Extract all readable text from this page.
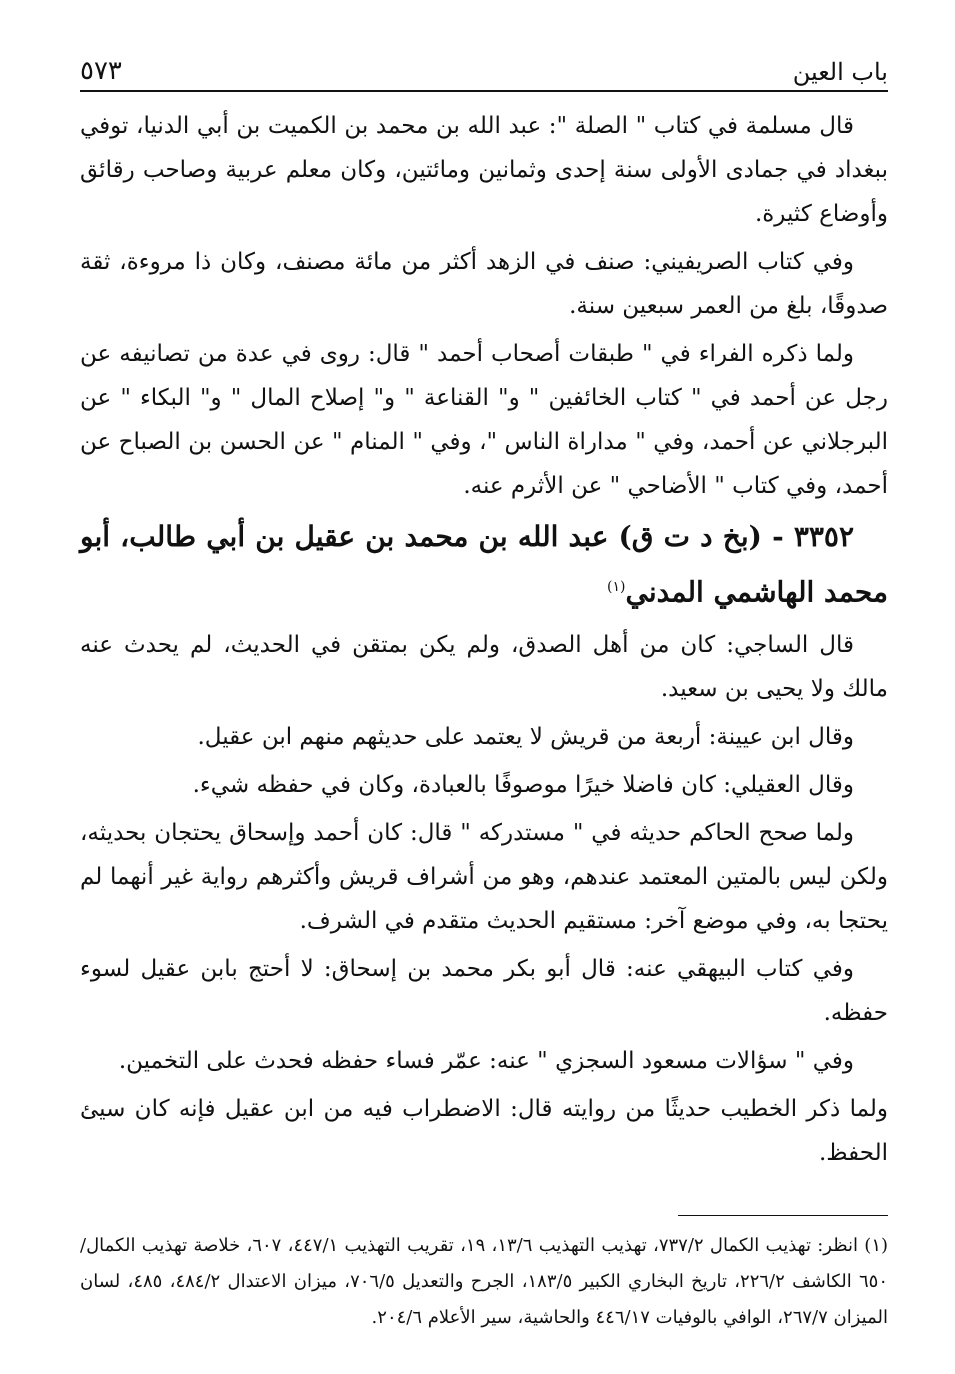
باب العين
٥٧٣

قال مسلمة في كتاب " الصلة ": عبد الله بن محمد بن الكميت بن أبي الدنيا، توفي ببغداد في جمادى الأولى سنة إحدى وثمانين ومائتين، وكان معلم عربية وصاحب رقائق وأوضاع كثيرة.

وفي كتاب الصريفيني: صنف في الزهد أكثر من مائة مصنف، وكان ذا مروءة، ثقة صدوقًا، بلغ من العمر سبعين سنة.

ولما ذكره الفراء في " طبقات أصحاب أحمد " قال: روى في عدة من تصانيفه عن رجل عن أحمد في " كتاب الخائفين " و" القناعة " و" إصلاح المال " و" البكاء " عن البرجلاني عن أحمد، وفي " مداراة الناس "، وفي " المنام " عن الحسن بن الصباح عن أحمد، وفي كتاب " الأضاحي " عن الأثرم عنه.

٣٣٥٢ - (بخ د ت ق) عبد الله بن محمد بن عقيل بن أبي طالب، أبو محمد الهاشمي المدني$^{(١)}$

قال الساجي: كان من أهل الصدق، ولم يكن بمتقن في الحديث، لم يحدث عنه مالك ولا يحيى بن سعيد.

وقال ابن عيينة: أربعة من قريش لا يعتمد على حديثهم منهم ابن عقيل.

وقال العقيلي: كان فاضلا خيرًا موصوفًا بالعبادة، وكان في حفظه شيء.

ولما صحح الحاكم حديثه في " مستدركه " قال: كان أحمد وإسحاق يحتجان بحديثه، ولكن ليس بالمتين المعتمد عندهم، وهو من أشراف قريش وأكثرهم رواية غير أنهما لم يحتجا به، وفي موضع آخر: مستقيم الحديث متقدم في الشرف.

وفي كتاب البيهقي عنه: قال أبو بكر محمد بن إسحاق: لا أحتج بابن عقيل لسوء حفظه.

وفي " سؤالات مسعود السجزي " عنه: عمّر فساء حفظه فحدث على التخمين.

ولما ذكر الخطيب حديثًا من روايته قال: الاضطراب فيه من ابن عقيل فإنه كان سيئ الحفظ.

(١) انظر: تهذيب الكمال ٧٣٧/٢، تهذيب التهذيب ١٣/٦، ١٩، تقريب التهذيب ٤٤٧/١، ٦٠٧، خلاصة تهذيب الكمال/٦٥٠ الكاشف ٢٢٦/٢، تاريخ البخاري الكبير ١٨٣/٥، الجرح والتعديل ٧٠٦/٥، ميزان الاعتدال ٤٨٤/٢، ٤٨٥، لسان الميزان ٢٦٧/٧، الوافي بالوفيات ٤٤٦/١٧ والحاشية، سير الأعلام ٢٠٤/٦.
